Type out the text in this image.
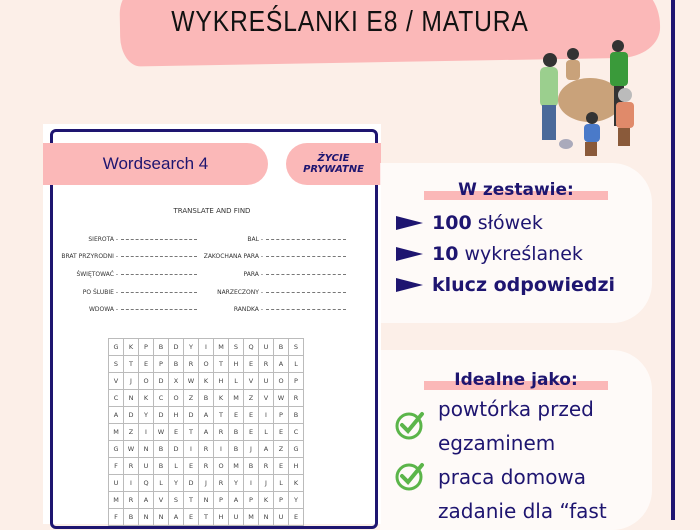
WYKREŚLANKI E8 / MATURA
Wordsearch 4	ŻYCIE
PRYWATNE
TRANSLATE AND FIND
SIEROTA -
BRAT PRZYRODNI -
ŚWIĘTOWAĆ -
PO ŚLUBIE -
WDOWA -
BAL -
ZAKOCHANA PARA -
PARA -
NARZECZONY -
RANDKA -
G	K	P	B	D	Y	I	M	S	Q	U	B	S
S	T	E	P	B	R	O	T	H	E	R	A	L
V	J	O	D	X	W	K	H	L	V	U	O	P
C	N	K	C	O	Z	B	K	M	Z	V	W	R
A	D	Y	D	H	D	A	T	E	E	I	P	B
M	Z	I	W	E	T	A	R	B	E	L	E	C
G	W	N	B	D	I	R	I	B	J	A	Z	G
F	R	U	B	L	E	R	O	M	B	R	E	H
U	I	Q	L	Y	D	J	R	Y	I	J	L	K
M	R	A	V	S	T	N	P	A	P	K	P	Y
F	B	N	N	A	E	T	H	U	M	N	U	E
W zestawie:
100 słówek
10 wykreślanek
klucz odpowiedzi
Idealne jako:
powtórka przed
egzaminem
praca domowa
zadanie dla “fast
